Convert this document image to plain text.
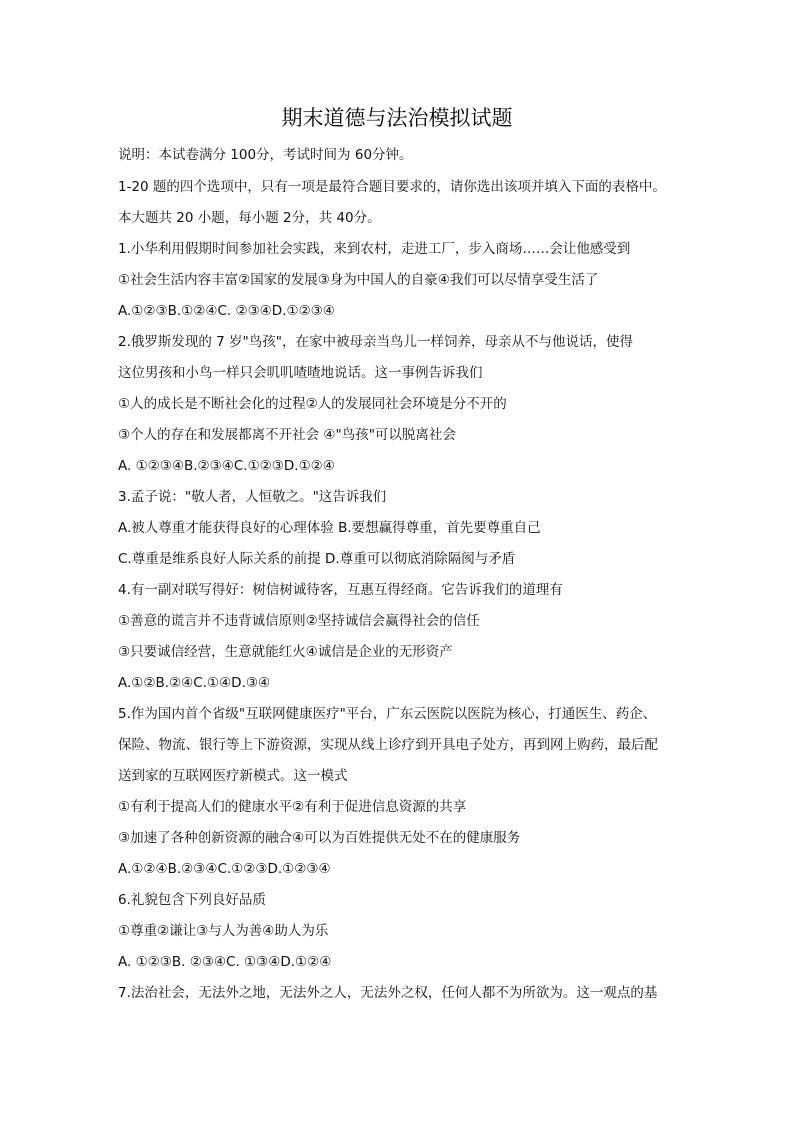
期末道德与法治模拟试题
说明：本试卷满分 100分，考试时间为 60分钟。
1-20 题的四个选项中，只有一项是最符合题目要求的，请你选出该项并填入下面的表格中。
本大题共 20 小题，每小题 2分，共 40分。
1.小华利用假期时间参加社会实践，来到农村，走进工厂，步入商场……会让他感受到
①社会生活内容丰富②国家的发展③身为中国人的自豪④我们可以尽情享受生活了
A.①②③B.①②④C. ②③④D.①②③④
2.俄罗斯发现的 7 岁"鸟孩"，在家中被母亲当鸟儿一样饲养，母亲从不与他说话，使得
这位男孩和小鸟一样只会叽叽喳喳地说话。这一事例告诉我们
①人的成长是不断社会化的过程②人的发展同社会环境是分不开的
③个人的存在和发展都离不开社会 ④"鸟孩"可以脱离社会
A. ①②③④B.②③④C.①②③D.①②④
3.孟子说："敬人者，人恒敬之。"这告诉我们
A.被人尊重才能获得良好的心理体验 B.要想赢得尊重，首先要尊重自己
C.尊重是维系良好人际关系的前提 D.尊重可以彻底消除隔阂与矛盾
4.有一副对联写得好：树信树诚待客，互惠互得经商。它告诉我们的道理有
①善意的谎言并不违背诚信原则②坚持诚信会赢得社会的信任
③只要诚信经营，生意就能红火④诚信是企业的无形资产
A.①②B.②④C.①④D.③④
5.作为国内首个省级"互联网健康医疗"平台，广东云医院以医院为核心，打通医生、药企、
保险、物流、银行等上下游资源，实现从线上诊疗到开具电子处方，再到网上购药，最后配
送到家的互联网医疗新模式。这一模式
①有利于提高人们的健康水平②有利于促进信息资源的共享
③加速了各种创新资源的融合④可以为百姓提供无处不在的健康服务
A.①②④B.②③④C.①②③D.①②③④
6.礼貌包含下列良好品质
①尊重②谦让③与人为善④助人为乐
A. ①②③B. ②③④C. ①③④D.①②④
7.法治社会，无法外之地，无法外之人，无法外之权，任何人都不为所欲为。这一观点的基
